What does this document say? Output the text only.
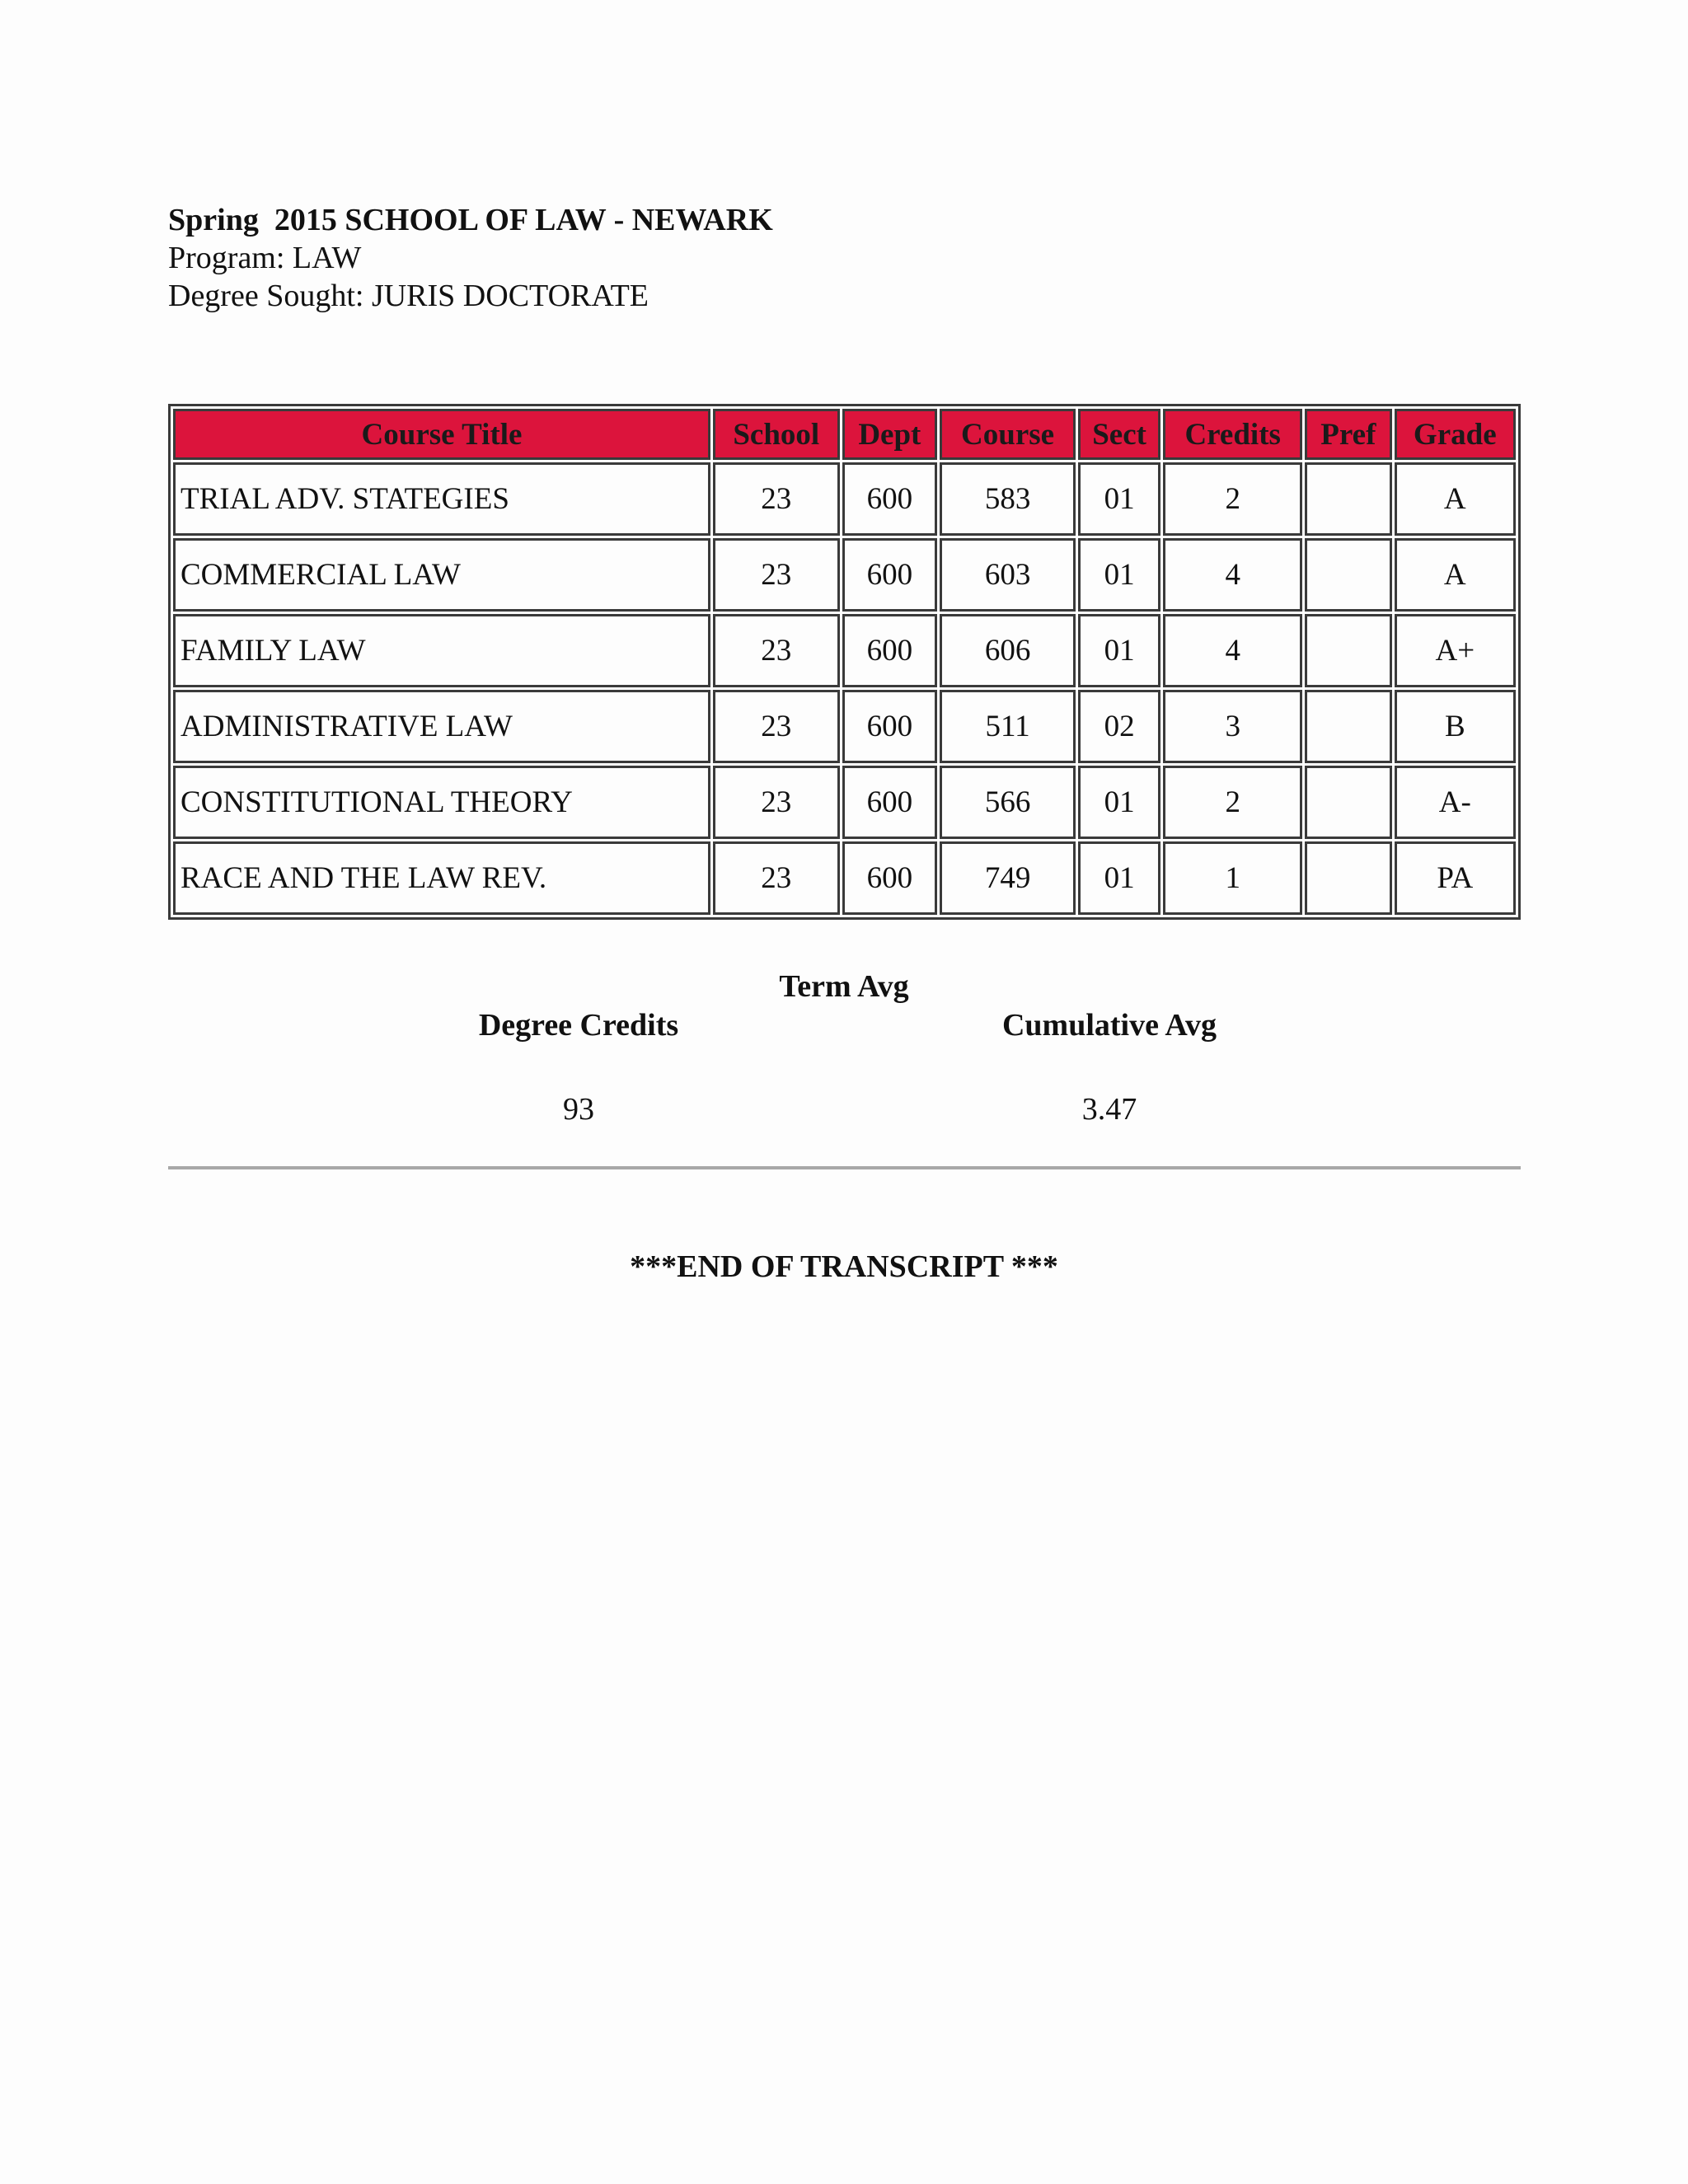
Spring  2015 SCHOOL OF LAW - NEWARK
Program: LAW
Degree Sought: JURIS DOCTORATE
Course Title	School	Dept	Course	Sect	Credits	Pref	Grade
TRIAL ADV. STATEGIES	23	600	583	01	2		A
COMMERCIAL LAW	23	600	603	01	4		A
FAMILY LAW	23	600	606	01	4		A+
ADMINISTRATIVE LAW	23	600	511	02	3		B
CONSTITUTIONAL THEORY	23	600	566	01	2		A-
RACE AND THE LAW REV.	23	600	749	01	1		PA
Term Avg
Degree Credits	Cumulative Avg
93	3.47
***END OF TRANSCRIPT ***
